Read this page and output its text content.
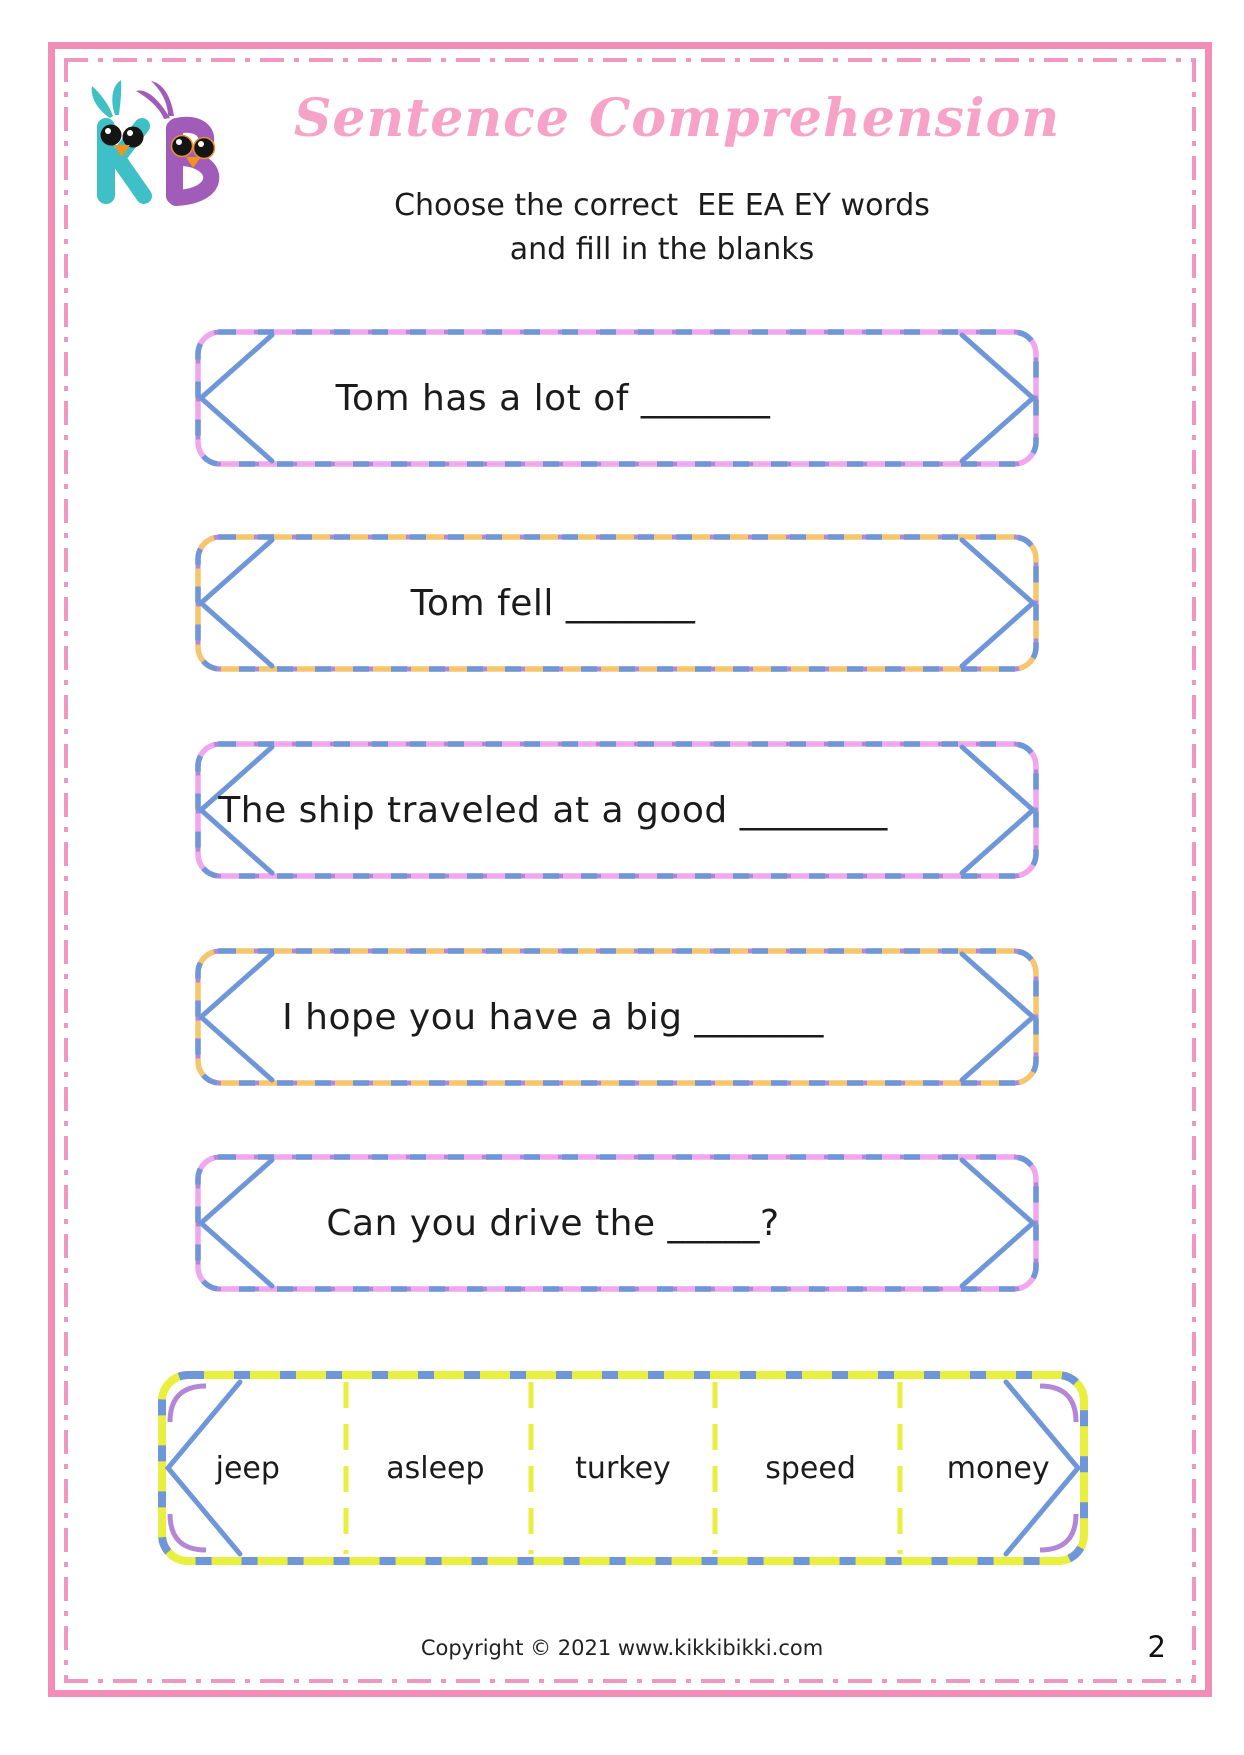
Sentence Comprehension

Choose the correct  EE EA EY words

and fill in the blanks

Tom has a lot of _______
Tom fell _______
The ship traveled at a good ________
I hope you have a big _______
Can you drive the _____?
jeep	asleep	turkey	speed	money
Copyright © 2021 www.kikkibikki.com	2
